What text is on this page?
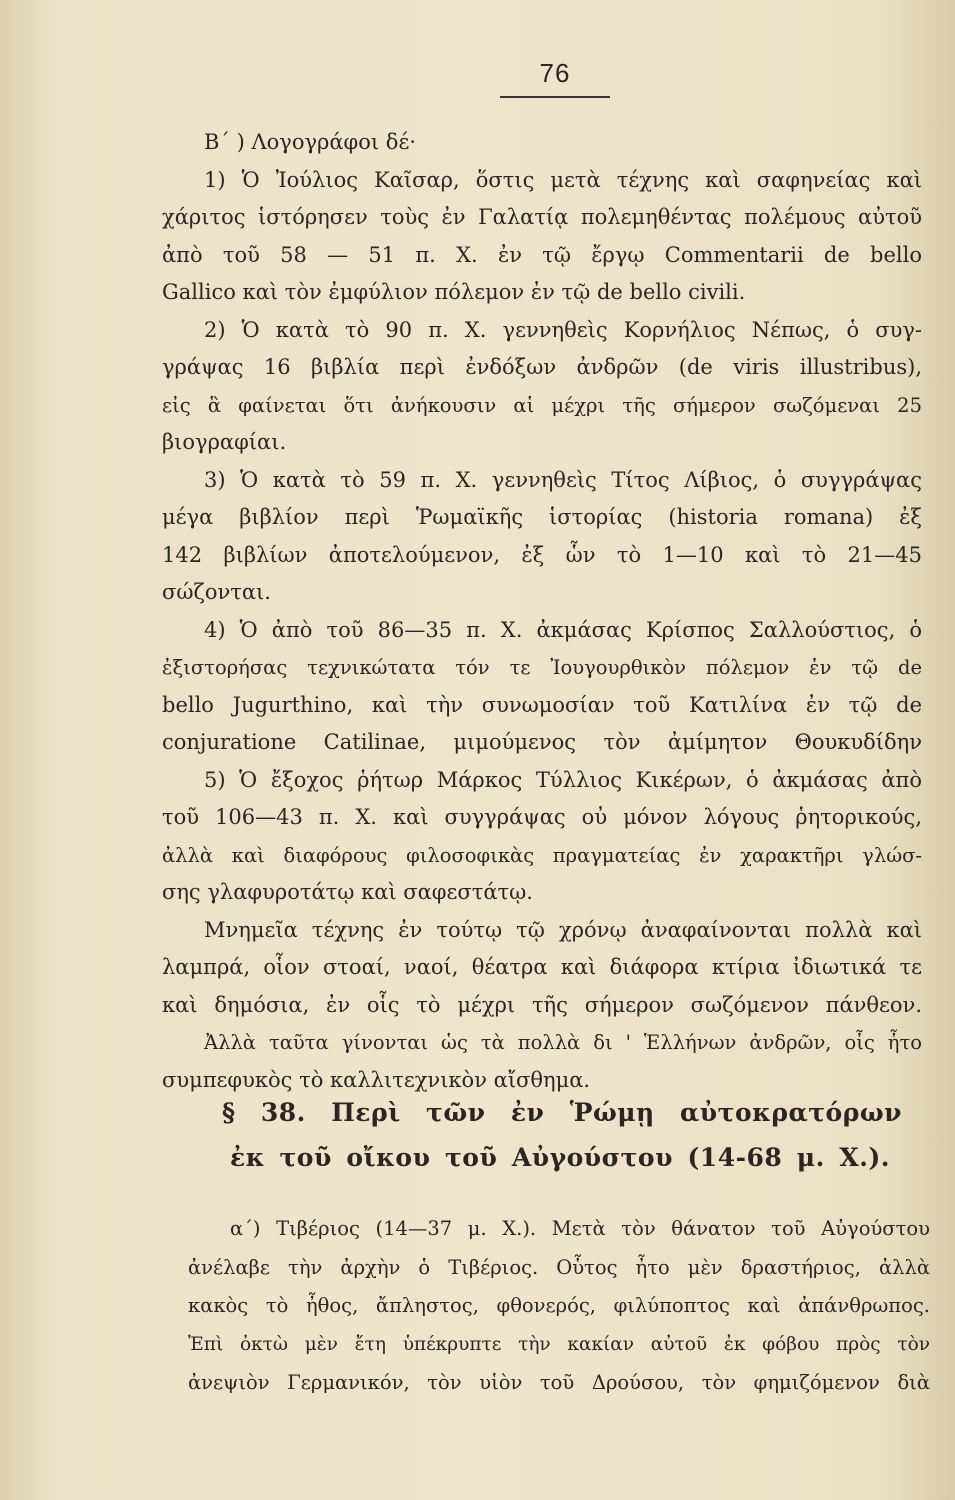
76
B΄ ) Λογογράφοι δέ·
1) Ὁ Ἰούλιος Καῖσαρ, ὅστις μετὰ τέχνης καὶ σαφηνείας καὶ
χάριτος ἱστόρησεν τοὺς ἐν Γαλατίᾳ πολεμηθέντας πολέμους αὐτοῦ
ἀπὸ τοῦ 58 — 51 π. Χ. ἐν τῷ ἔργῳ Commentarii de bello
Gallico καὶ τὸν ἐμφύλιον πόλεμον ἐν τῷ de bello civili.
2) Ὁ κατὰ τὸ 90 π. Χ. γεννηθεὶς Κορνήλιος Νέπως, ὁ συγ-
γράψας 16 βιβλία περὶ ἐνδόξων ἀνδρῶν (de viris illustribus),
εἰς ἃ φαίνεται ὅτι ἀνήκουσιν αἱ μέχρι τῆς σήμερον σωζόμεναι 25
βιογραφίαι.
3) Ὁ κατὰ τὸ 59 π. Χ. γεννηθεὶς Τίτος Λίβιος, ὁ συγγράψας
μέγα βιβλίον περὶ Ῥωμαϊκῆς ἱστορίας (historia romana) ἐξ
142 βιβλίων ἀποτελούμενον, ἐξ ὧν τὸ 1—10 καὶ τὸ 21—45
σώζονται.
4) Ὁ ἀπὸ τοῦ 86—35 π. Χ. ἀκμάσας Κρίσπος Σαλλούστιος, ὁ
ἐξιστορήσας τεχνικώτατα τόν τε Ἰουγουρθικὸν πόλεμον ἐν τῷ de
bello Jugurthino, καὶ τὴν συνωμοσίαν τοῦ Κατιλίνα ἐν τῷ de
conjuratione Catilinae, μιμούμενος τὸν ἀμίμητον Θουκυδίδην
5) Ὁ ἔξοχος ῥήτωρ Μάρκος Τύλλιος Κικέρων, ὁ ἀκμάσας ἀπὸ
τοῦ 106—43 π. Χ. καὶ συγγράψας οὐ μόνον λόγους ῥητορικούς,
ἀλλὰ καὶ διαφόρους φιλοσοφικὰς πραγματείας ἐν χαρακτῆρι γλώσ-
σης γλαφυροτάτῳ καὶ σαφεστάτῳ.
Μνημεῖα τέχνης ἐν τούτῳ τῷ χρόνῳ ἀναφαίνονται πολλὰ καὶ
λαμπρά, οἷον στοαί, ναοί, θέατρα καὶ διάφορα κτίρια ἰδιωτικά τε
καὶ δημόσια, ἐν οἷς τὸ μέχρι τῆς σήμερον σωζόμενον πάνθεον.
Ἀλλὰ ταῦτα γίνονται ὡς τὰ πολλὰ δι ' Ἑλλήνων ἀνδρῶν, οἷς ἦτο
συμπεφυκὸς τὸ καλλιτεχνικὸν αἴσθημα.
§ 38. Περὶ τῶν ἐν Ῥώμῃ αὐτοκρατόρων
ἐκ τοῦ οἴκου τοῦ Αὐγούστου (14-68 μ. Χ.).
α΄) Τιβέριος (14—37 μ. Χ.). Μετὰ τὸν θάνατον τοῦ Αὐγούστου
ἀνέλαβε τὴν ἀρχὴν ὁ Τιβέριος. Οὗτος ἦτο μὲν δραστήριος, ἀλλὰ
κακὸς τὸ ἦθος, ἄπληστος, φθονερός, φιλύποπτος καὶ ἀπάνθρωπος.
Ἐπὶ ὀκτὼ μὲν ἔτη ὑπέκρυπτε τὴν κακίαν αὐτοῦ ἐκ φόβου πρὸς τὸν
ἀνεψιὸν Γερμανικόν, τὸν υἱὸν τοῦ Δρούσου, τὸν φημιζόμενον διὰ
